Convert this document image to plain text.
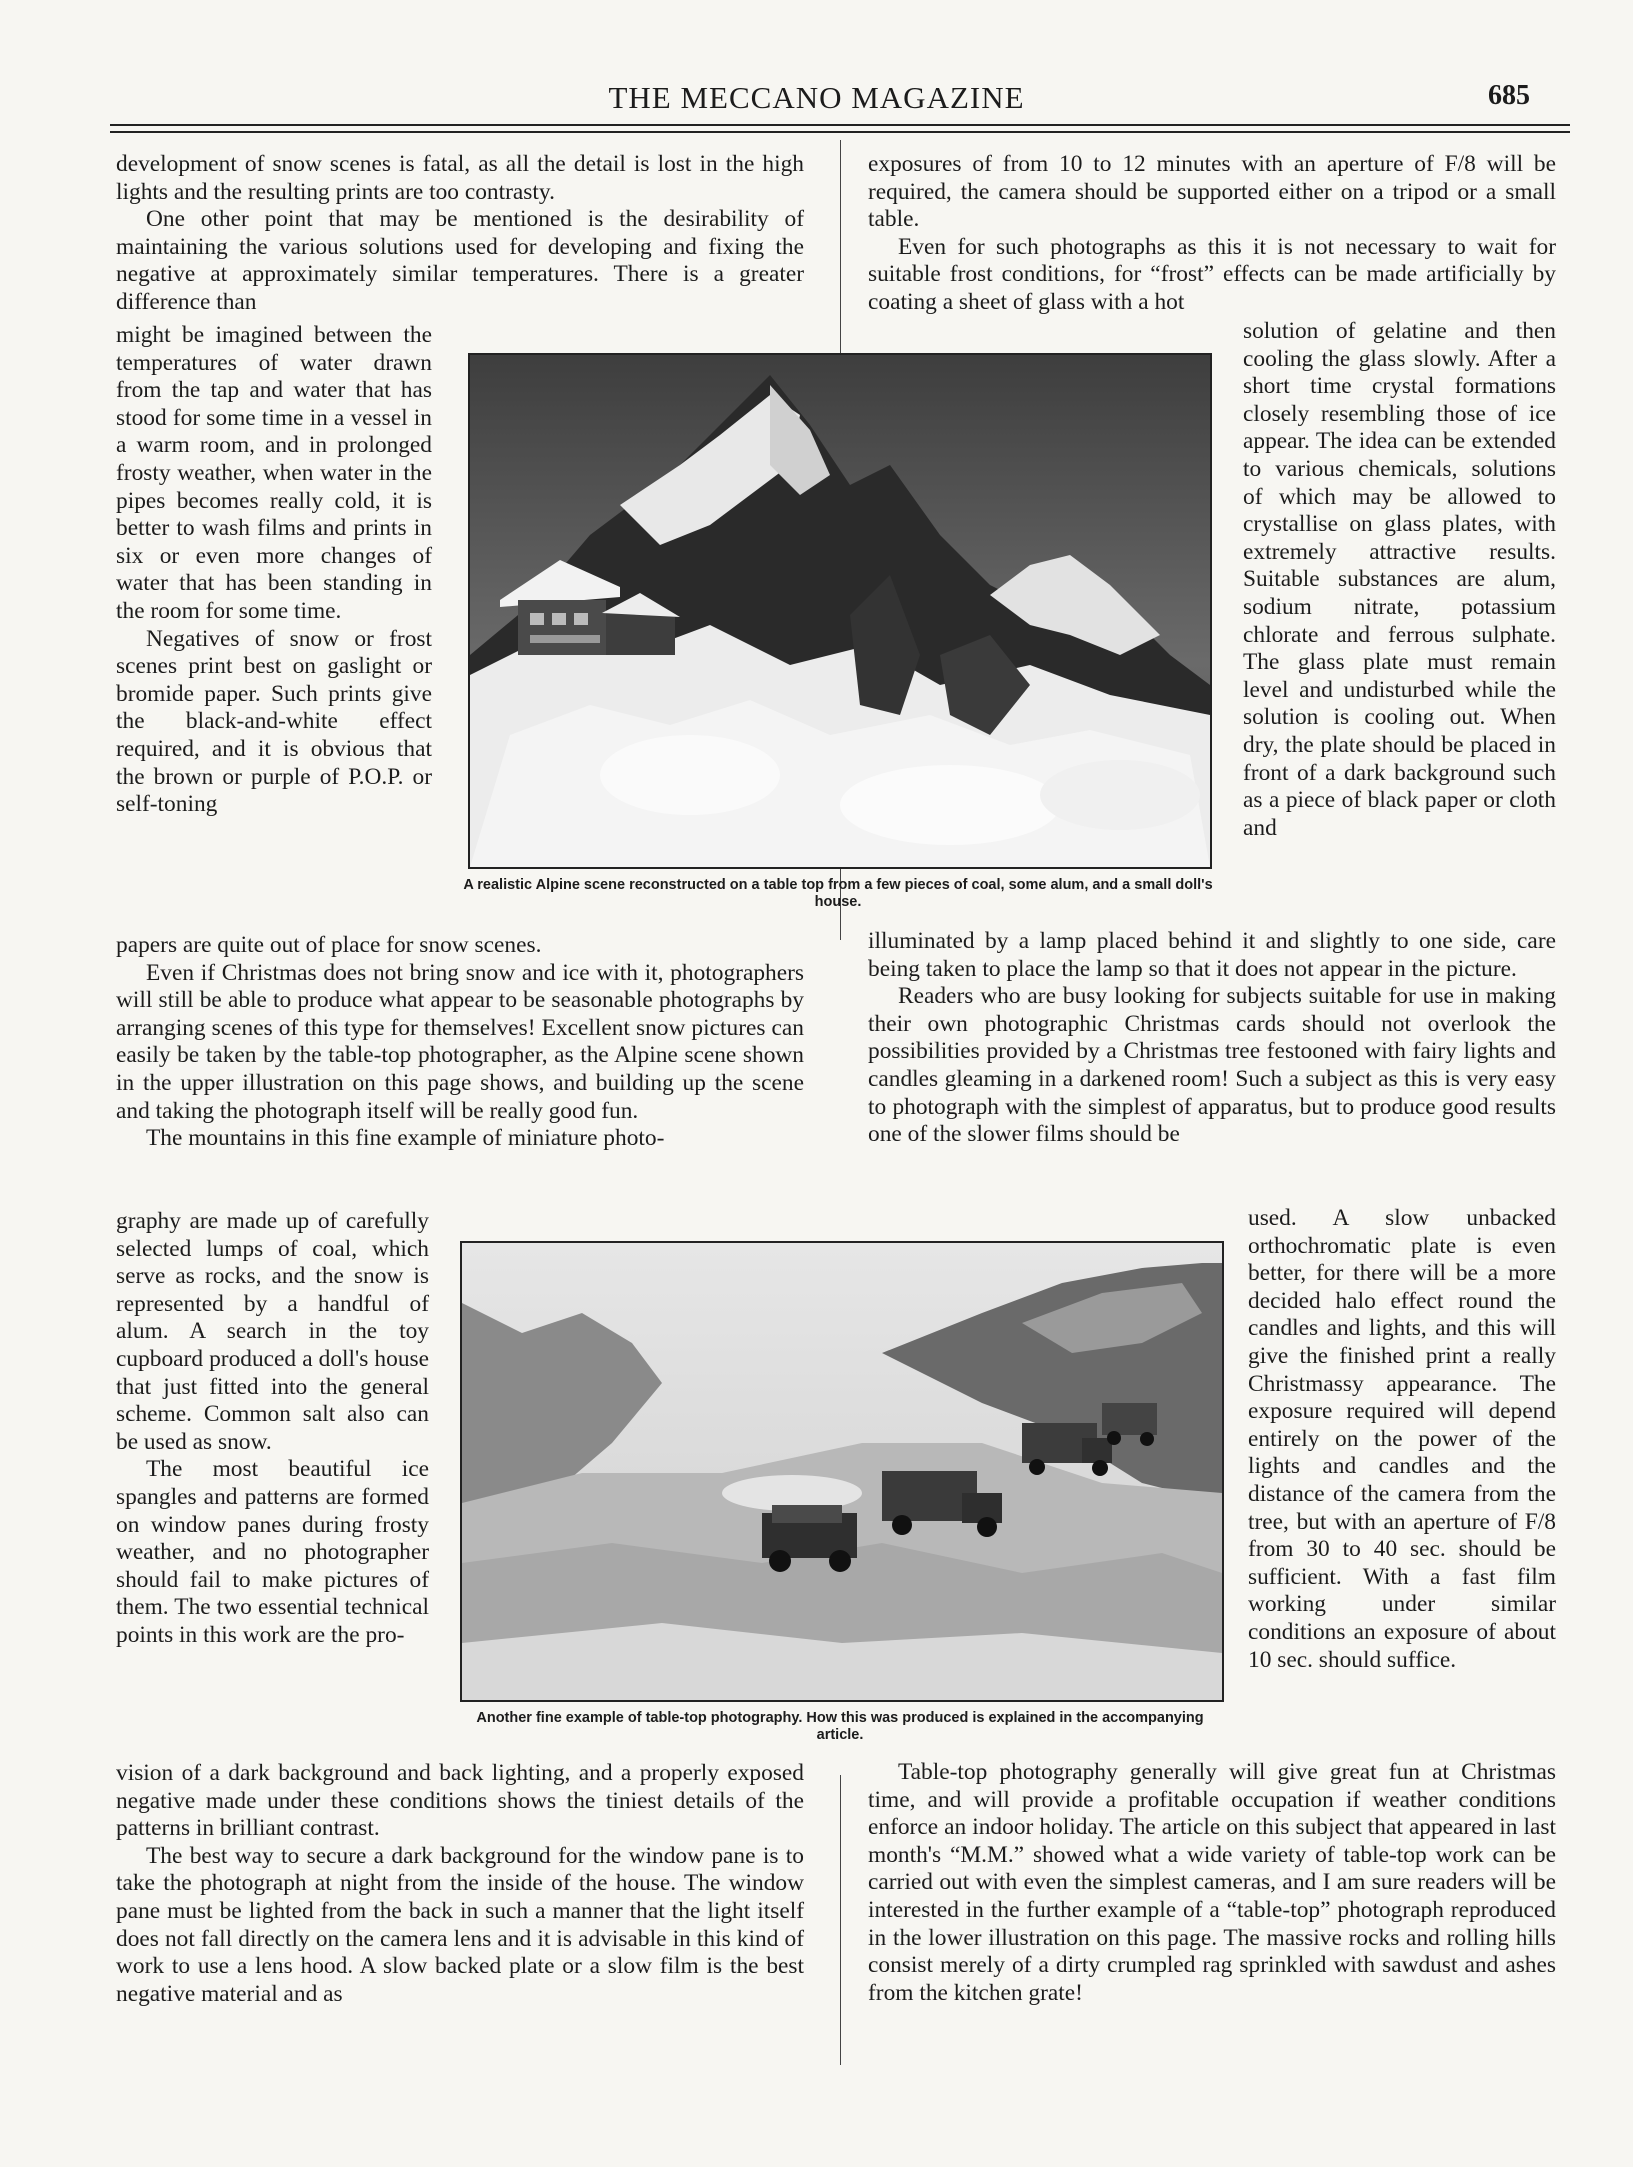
THE MECCANO MAGAZINE	685

development of snow scenes is fatal, as all the detail is lost in the high lights and the resulting prints are too contrasty.

One other point that may be mentioned is the desirability of maintaining the various solutions used for developing and fixing the negative at approximately similar temperatures. There is a greater difference than

might be imagined between the temperatures of water drawn from the tap and water that has stood for some time in a vessel in a warm room, and in prolonged frosty weather, when water in the pipes becomes really cold, it is better to wash films and prints in six or even more changes of water that has been standing in the room for some time.

Negatives of snow or frost scenes print best on gaslight or bromide paper. Such prints give the black-and-white effect required, and it is obvious that the brown or purple of P.O.P. or self-toning

papers are quite out of place for snow scenes.

Even if Christmas does not bring snow and ice with it, photographers will still be able to produce what appear to be seasonable photographs by arranging scenes of this type for themselves! Excellent snow pictures can easily be taken by the table-top photographer, as the Alpine scene shown in the upper illustration on this page shows, and building up the scene and taking the photograph itself will be really good fun.

The mountains in this fine example of miniature photo-

graphy are made up of carefully selected lumps of coal, which serve as rocks, and the snow is represented by a handful of alum. A search in the toy cupboard produced a doll's house that just fitted into the general scheme. Common salt also can be used as snow.

The most beautiful ice spangles and patterns are formed on window panes during frosty weather, and no photographer should fail to make pictures of them. The two essential technical points in this work are the pro-

vision of a dark background and back lighting, and a properly exposed negative made under these conditions shows the tiniest details of the patterns in brilliant contrast.

The best way to secure a dark background for the window pane is to take the photograph at night from the inside of the house. The window pane must be lighted from the back in such a manner that the light itself does not fall directly on the camera lens and it is advisable in this kind of work to use a lens hood. A slow backed plate or a slow film is the best negative material and as

exposures of from 10 to 12 minutes with an aperture of F/8 will be required, the camera should be supported either on a tripod or a small table.

Even for such photographs as this it is not necessary to wait for suitable frost conditions, for “frost” effects can be made artificially by coating a sheet of glass with a hot

solution of gelatine and then cooling the glass slowly. After a short time crystal formations closely resembling those of ice appear. The idea can be extended to various chemicals, solutions of which may be allowed to crystallise on glass plates, with extremely attractive results. Suitable substances are alum, sodium nitrate, potassium chlorate and ferrous sulphate. The glass plate must remain level and undisturbed while the solution is cooling out. When dry, the plate should be placed in front of a dark background such as a piece of black paper or cloth and

illuminated by a lamp placed behind it and slightly to one side, care being taken to place the lamp so that it does not appear in the picture.

Readers who are busy looking for subjects suitable for use in making their own photographic Christmas cards should not overlook the possibilities provided by a Christmas tree festooned with fairy lights and candles gleaming in a darkened room! Such a subject as this is very easy to photograph with the simplest of apparatus, but to produce good results one of the slower films should be

used. A slow unbacked orthochromatic plate is even better, for there will be a more decided halo effect round the candles and lights, and this will give the finished print a really Christmassy appearance. The exposure required will depend entirely on the power of the lights and candles and the distance of the camera from the tree, but with an aperture of F/8 from 30 to 40 sec. should be sufficient. With a fast film working under similar conditions an exposure of about 10 sec. should suffice.

Table-top photography generally will give great fun at Christmas time, and will provide a profitable occupation if weather conditions enforce an indoor holiday. The article on this subject that appeared in last month's “M.M.” showed what a wide variety of table-top work can be carried out with even the simplest cameras, and I am sure readers will be interested in the further example of a “table-top” photograph reproduced in the lower illustration on this page. The massive rocks and rolling hills consist merely of a dirty crumpled rag sprinkled with sawdust and ashes from the kitchen grate!

A realistic Alpine scene reconstructed on a table top from a few pieces of coal, some alum, and a small doll's house.

Another fine example of table-top photography. How this was produced is explained in the accompanying article.
